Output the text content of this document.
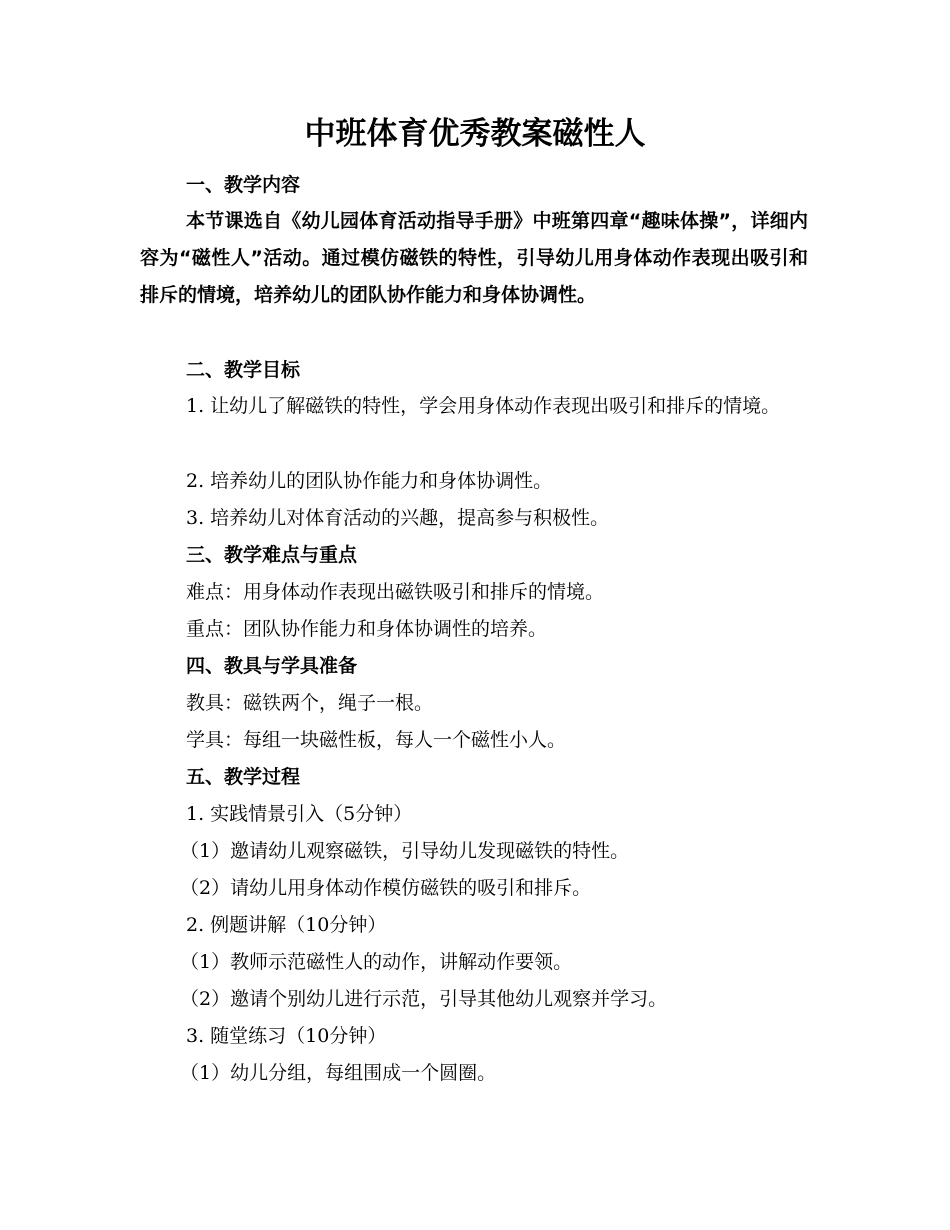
中班体育优秀教案磁性人

一、教学内容

本节课选自《幼儿园体育活动指导手册》中班第四章“趣味体操”，详细内容为“磁性人”活动。通过模仿磁铁的特性，引导幼儿用身体动作表现出吸引和排斥的情境，培养幼儿的团队协作能力和身体协调性。

二、教学目标

1. 让幼儿了解磁铁的特性，学会用身体动作表现出吸引和排斥的情境。

2. 培养幼儿的团队协作能力和身体协调性。

3. 培养幼儿对体育活动的兴趣，提高参与积极性。

三、教学难点与重点

难点：用身体动作表现出磁铁吸引和排斥的情境。

重点：团队协作能力和身体协调性的培养。

四、教具与学具准备

教具：磁铁两个，绳子一根。

学具：每组一块磁性板，每人一个磁性小人。

五、教学过程

1. 实践情景引入（5分钟）

（1）邀请幼儿观察磁铁，引导幼儿发现磁铁的特性。

（2）请幼儿用身体动作模仿磁铁的吸引和排斥。

2. 例题讲解（10分钟）

（1）教师示范磁性人的动作，讲解动作要领。

（2）邀请个别幼儿进行示范，引导其他幼儿观察并学习。

3. 随堂练习（10分钟）

（1）幼儿分组，每组围成一个圆圈。
